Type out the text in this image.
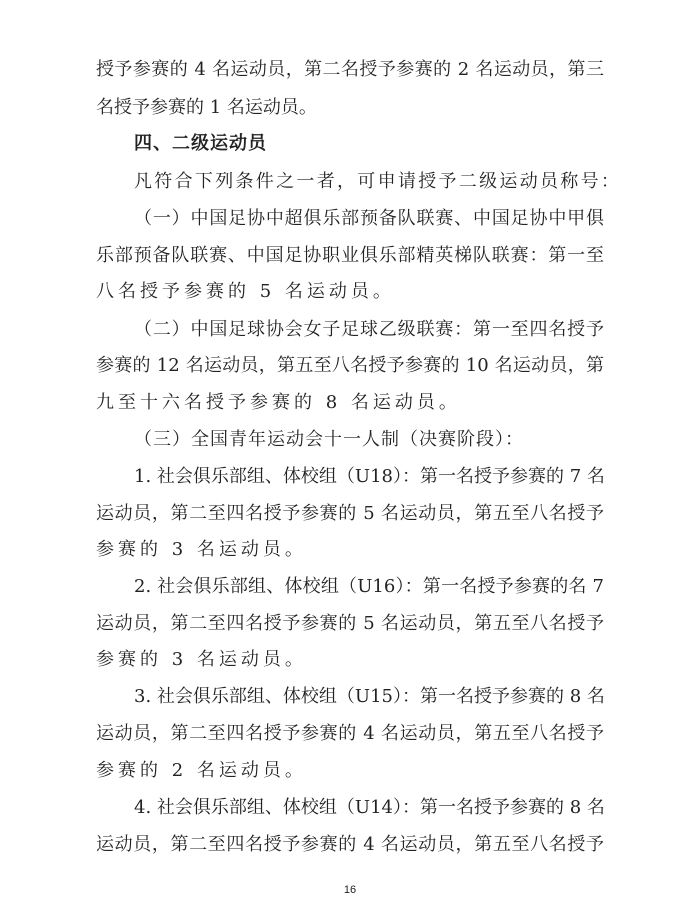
授予参赛的 4 名运动员，第二名授予参赛的 2 名运动员，第三
名授予参赛的 1 名运动员。
四、二级运动员
凡符合下列条件之一者，可申请授予二级运动员称号：
（一）中国足协中超俱乐部预备队联赛、中国足协中甲俱
乐部预备队联赛、中国足协职业俱乐部精英梯队联赛：第一至
八名授予参赛的 5 名运动员。
（二）中国足球协会女子足球乙级联赛：第一至四名授予
参赛的 12 名运动员，第五至八名授予参赛的 10 名运动员，第
九至十六名授予参赛的 8 名运动员。
（三）全国青年运动会十一人制（决赛阶段）：
1. 社会俱乐部组、体校组（U18）：第一名授予参赛的 7 名
运动员，第二至四名授予参赛的 5 名运动员，第五至八名授予
参赛的 3 名运动员。
2. 社会俱乐部组、体校组（U16）：第一名授予参赛的名 7
运动员，第二至四名授予参赛的 5 名运动员，第五至八名授予
参赛的 3 名运动员。
3. 社会俱乐部组、体校组（U15）：第一名授予参赛的 8 名
运动员，第二至四名授予参赛的 4 名运动员，第五至八名授予
参赛的 2 名运动员。
4. 社会俱乐部组、体校组（U14）：第一名授予参赛的 8 名
运动员，第二至四名授予参赛的 4 名运动员，第五至八名授予
16
